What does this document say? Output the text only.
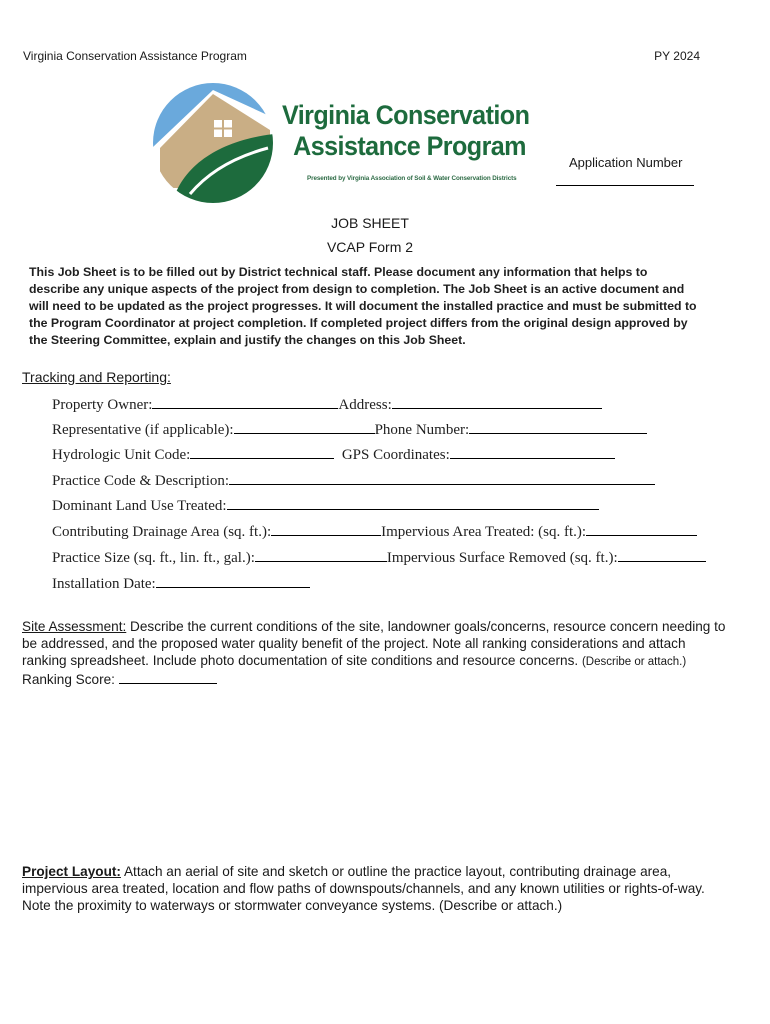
Virginia Conservation Assistance Program	PY 2024
Virginia Conservation
Assistance Program
Presented by Virginia Association of Soil & Water Conservation Districts
Application Number
JOB SHEET
VCAP Form 2
This Job Sheet is to be filled out by District technical staff. Please document any information that helps to describe any unique aspects of the project from design to completion. The Job Sheet is an active document and will need to be updated as the project progresses. It will document the installed practice and must be submitted to the Program Coordinator at project completion. If completed project differs from the original design approved by the Steering Committee, explain and justify the changes on this Job Sheet.
Tracking and Reporting:
Property Owner:	Address:
Representative (if applicable):	Phone Number:
Hydrologic Unit Code:	GPS Coordinates:
Practice Code & Description:
Dominant Land Use Treated:
Contributing Drainage Area (sq. ft.):	Impervious Area Treated: (sq. ft.):
Practice Size (sq. ft., lin. ft., gal.):	Impervious Surface Removed (sq. ft.):
Installation Date:
Site Assessment: Describe the current conditions of the site, landowner goals/concerns, resource concern needing to be addressed, and the proposed water quality benefit of the project. Note all ranking considerations and attach ranking spreadsheet. Include photo documentation of site conditions and resource concerns. (Describe or attach.) Ranking Score:
Project Layout: Attach an aerial of site and sketch or outline the practice layout, contributing drainage area, impervious area treated, location and flow paths of downspouts/channels, and any known utilities or rights-of-way. Note the proximity to waterways or stormwater conveyance systems. (Describe or attach.)
